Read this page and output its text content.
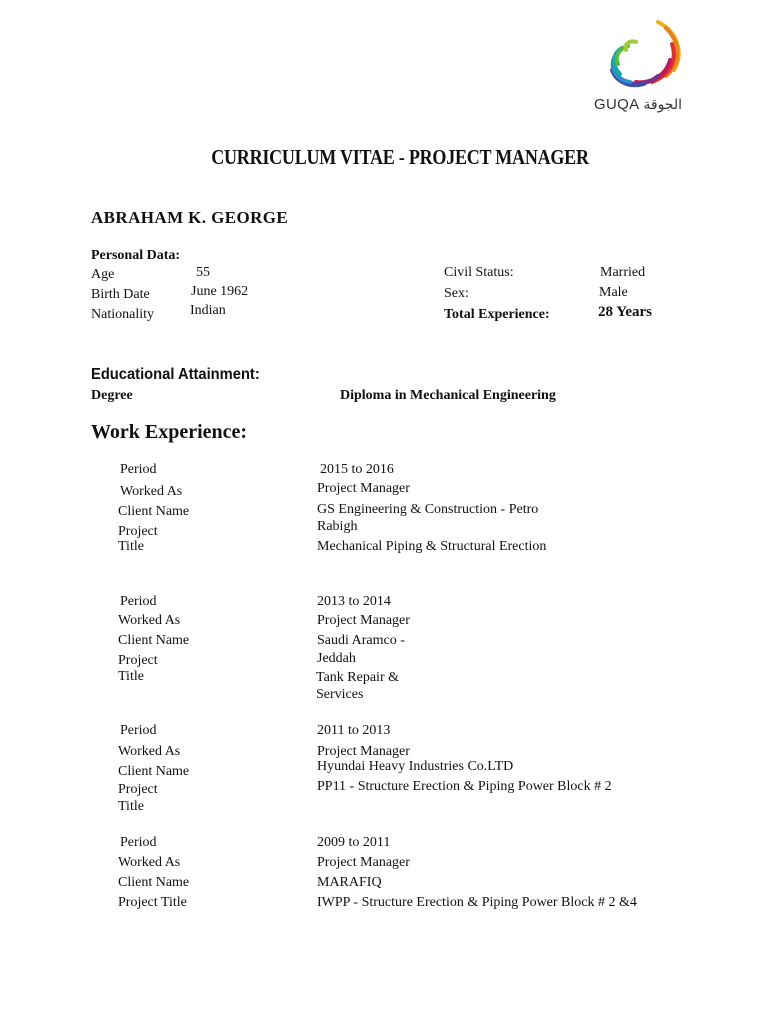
GUQA الجوقة
CURRICULUM VITAE - PROJECT MANAGER
ABRAHAM K. GEORGE
Personal Data:
Age	55
Birth Date	June 1962
Nationality	Indian
Civil Status:	Married
Sex:	Male
Total Experience:	28 Years
Educational Attainment:
Degree	Diploma in Mechanical Engineering
Work Experience:
Period	2015 to 2016
Worked As	Project Manager
Client Name	GS Engineering & Construction - Petro
Rabigh
Project
Title	Mechanical Piping & Structural Erection
Period	2013 to 2014
Worked As	Project Manager
Client Name	Saudi Aramco -
Jeddah
Project
Title	Tank Repair &
Services
Period	2011 to 2013
Worked As	Project Manager
Client Name	Hyundai Heavy Industries Co.LTD
Project	PP11 - Structure Erection & Piping Power Block # 2
Title
Period	2009 to 2011
Worked As	Project Manager
Client Name	MARAFIQ
Project Title	IWPP - Structure Erection & Piping Power Block # 2 &4
